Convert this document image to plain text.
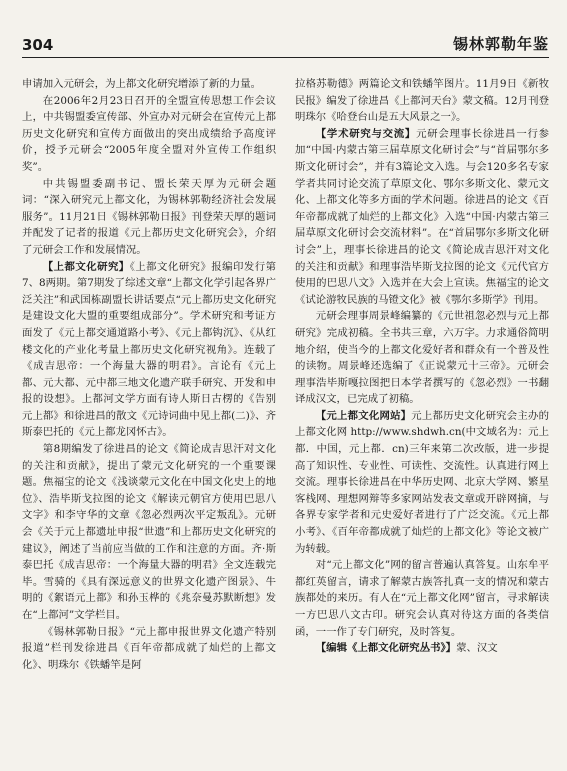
304	锡林郭勒年鉴

申请加入元研会，为上都文化研究增添了新的力量。

在2006年2月23日召开的全盟宣传思想工作会议上，中共锡盟委宣传部、外宣办对元研会在宣传元上都历史文化研究和宣传方面做出的突出成绩给予高度评价，授予元研会“2005年度全盟对外宣传工作组织奖”。

中共锡盟委副书记、盟长荣天厚为元研会题词：“深入研究元上都文化，为锡林郭勒经济社会发展服务”。11月21日《锡林郭勒日报》刊登荣天厚的题词并配发了记者的报道《元上都历史文化研究会》，介绍了元研会工作和发展情况。

【上都文化研究】《上都文化研究》报编印发行第7、8两期。第7期发了综述文章“上都文化学引起各界广泛关注”和武国栋副盟长讲话要点“元上都历史文化研究是建设文化大盟的重要组成部分”。学术研究和考证方面发了《元上都交通道路小考》、《元上都钩沉》、《从红楼文化的产业化考量上都历史文化研究视角》。连载了《成吉思帝：一个海量大器的明君》。言论有《元上都、元大都、元中都三地文化遗产联手研究、开发和申报的设想》。上都河文学方面有诗人斯日古楞的《告别元上都》和徐进昌的散文《元诗词曲中见上都(二)》、齐斯泰巴托的《元上都龙冈怀古》。

第8期编发了徐进昌的论文《简论成吉思汗对文化的关注和贡献》，提出了蒙元文化研究的一个重要课题。焦福宝的论文《浅谈蒙元文化在中国文化史上的地位》、浩毕斯戈拉图的论文《解读元朝官方使用巴思八文字》和李守华的文章《忽必烈两次平定叛乱》。元研会《关于元上都遗址申报“世遗”和上都历史文化研究的建议》，阐述了当前应当做的工作和注意的方面。齐·斯泰巴托《成吉思帝：一个海量大器的明君》全文连载完毕。雪骑的《具有深远意义的世界文化遗产图景》、牛明的《絮语元上都》和孙玉桦的《兆奈曼苏默断想》发在“上都河”文学栏目。

《锡林郭勒日报》“元上都申报世界文化遗产特别报道”栏刊发徐进昌《百年帝都成就了灿烂的上都文化》、明珠尔《铁蟠竿是阿

拉格苏勒德》两篇论文和铁蟠竿图片。11月9日《新牧民报》编发了徐进昌《上都河天台》蒙文稿。12月刊登明珠尔《哈登台山是五大风景之一》。

【学术研究与交流】元研会理事长徐进昌一行参加“中国·内蒙古第三届草原文化研讨会”与“首届鄂尔多斯文化研讨会”，并有3篇论文入选。与会120多名专家学者共同讨论交流了草原文化、鄂尔多斯文化、蒙元文化、上都文化等多方面的学术问题。徐进昌的论文《百年帝都成就了灿烂的上都文化》入选“中国·内蒙古第三届草原文化研讨会交流材料”。在“首届鄂尔多斯文化研讨会”上，理事长徐进昌的论文《简论成吉思汗对文化的关注和贡献》和理事浩毕斯戈拉图的论文《元代官方使用的巴思八文》入选并在大会上宣读。焦福宝的论文《试论游牧民族的马镫文化》被《鄂尔多斯学》刊用。

元研会理事周景峰编纂的《元世祖忽必烈与元上都研究》完成初稿。全书共三章，六万字。力求通俗简明地介绍，使当今的上都文化爱好者和群众有一个普及性的读物。周景峰还选编了《正说蒙元十三帝》。元研会理事浩毕斯嘎拉图把日本学者撰写的《忽必烈》一书翻译成汉文，已完成了初稿。

【元上都文化网站】元上都历史文化研究会主办的上都文化网 http://www.shdwh.cn(中文域名为：元上都．中国，元上都．cn)三年来第二次改版，进一步提高了知识性、专业性、可读性、交流性。认真进行网上交流。理事长徐进昌在中华历史网、北京大学网、繁星客栈网、理想网辩等多家网站发表文章或开辟网摘，与各界专家学者和元史爱好者进行了广泛交流。《元上都小考》、《百年帝都成就了灿烂的上都文化》等论文被广为转载。

对“元上都文化”网的留言普遍认真答复。山东牟平都红英留言，请求了解蒙古族答扎真一支的情况和蒙古族都处的来历。有人在“元上都文化网”留言，寻求解读一方巴思八文古印。研究会认真对待这方面的各类信函，一一作了专门研究，及时答复。

【编辑《上都文化研究丛书》】蒙、汉文
